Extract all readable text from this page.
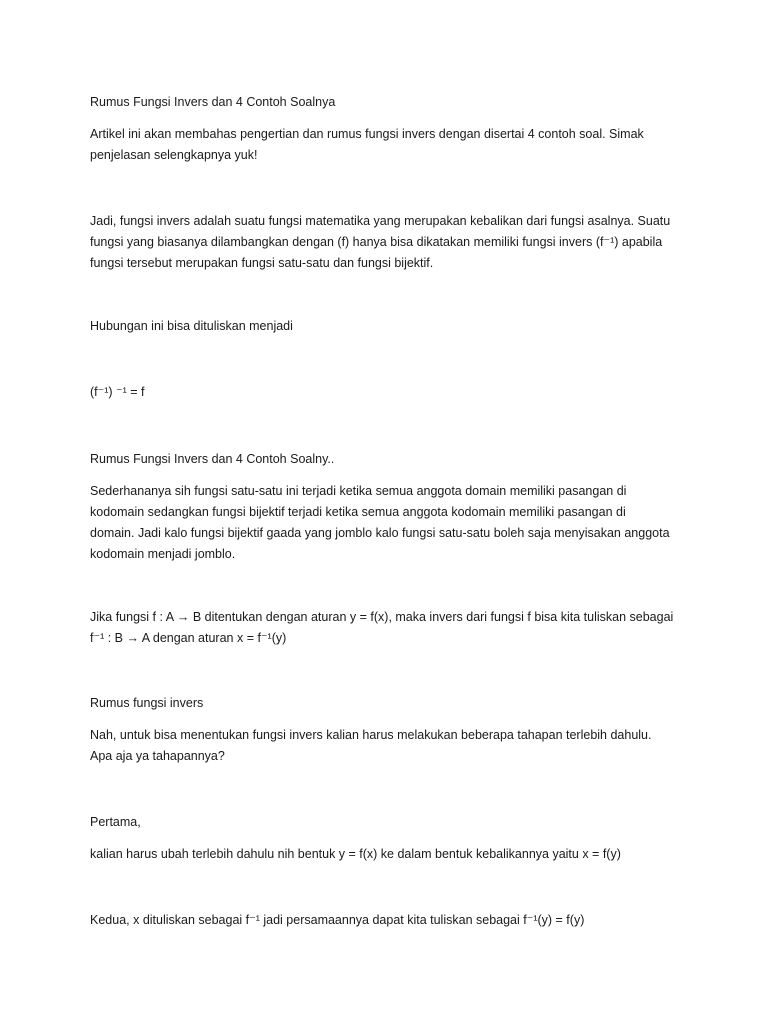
Rumus Fungsi Invers dan 4 Contoh Soalnya

Artikel ini akan membahas pengertian dan rumus fungsi invers dengan disertai 4 contoh soal. Simak
penjelasan selengkapnya yuk!

Jadi, fungsi invers adalah suatu fungsi matematika yang merupakan kebalikan dari fungsi asalnya. Suatu
fungsi yang biasanya dilambangkan dengan (f) hanya bisa dikatakan memiliki fungsi invers (f⁻¹) apabila
fungsi tersebut merupakan fungsi satu-satu dan fungsi bijektif.

Hubungan ini bisa dituliskan menjadi

(f⁻¹) ⁻¹ = f

Rumus Fungsi Invers dan 4 Contoh Soalny..

Sederhananya sih fungsi satu-satu ini terjadi ketika semua anggota domain memiliki pasangan di
kodomain sedangkan fungsi bijektif terjadi ketika semua anggota kodomain memiliki pasangan di
domain. Jadi kalo fungsi bijektif gaada yang jomblo kalo fungsi satu-satu boleh saja menyisakan anggota
kodomain menjadi jomblo.

Jika fungsi f : A → B ditentukan dengan aturan y = f(x), maka invers dari fungsi f bisa kita tuliskan sebagai
f⁻¹ : B → A dengan aturan x = f⁻¹(y)

Rumus fungsi invers

Nah, untuk bisa menentukan fungsi invers kalian harus melakukan beberapa tahapan terlebih dahulu.
Apa aja ya tahapannya?

Pertama,

kalian harus ubah terlebih dahulu nih bentuk y = f(x) ke dalam bentuk kebalikannya yaitu x = f(y)

Kedua, x dituliskan sebagai f⁻¹ jadi persamaannya dapat kita tuliskan sebagai f⁻¹(y) = f(y)
